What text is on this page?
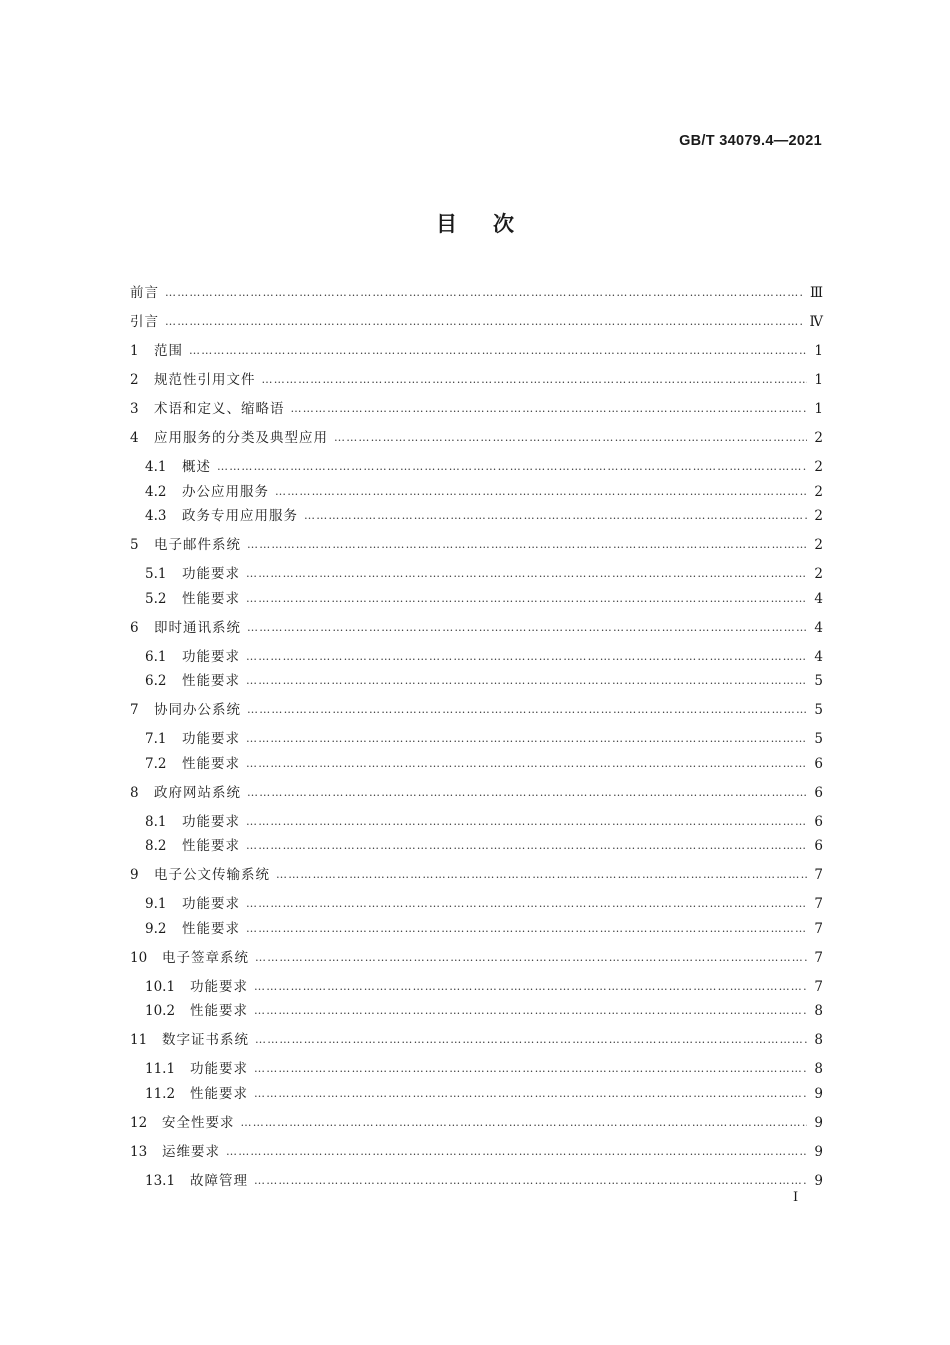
GB/T 34079.4—2021
目次
前言 …………………………………………………………………………………………………………………………………………………………………………………………………………	Ⅲ
引言 …………………………………………………………………………………………………………………………………………………………………………………………………………	Ⅳ
1	范围 …………………………………………………………………………………………………………………………………………………………………………………………………………	1
2	规范性引用文件 …………………………………………………………………………………………………………………………………………………………………………………………………………	1
3	术语和定义、缩略语 …………………………………………………………………………………………………………………………………………………………………………………………………………	1
4	应用服务的分类及典型应用 …………………………………………………………………………………………………………………………………………………………………………………………………………	2
4.1	概述 …………………………………………………………………………………………………………………………………………………………………………………………………………	2
4.2	办公应用服务 …………………………………………………………………………………………………………………………………………………………………………………………………………	2
4.3	政务专用应用服务 …………………………………………………………………………………………………………………………………………………………………………………………………………	2
5	电子邮件系统 …………………………………………………………………………………………………………………………………………………………………………………………………………	2
5.1	功能要求 …………………………………………………………………………………………………………………………………………………………………………………………………………	2
5.2	性能要求 …………………………………………………………………………………………………………………………………………………………………………………………………………	4
6	即时通讯系统 …………………………………………………………………………………………………………………………………………………………………………………………………………	4
6.1	功能要求 …………………………………………………………………………………………………………………………………………………………………………………………………………	4
6.2	性能要求 …………………………………………………………………………………………………………………………………………………………………………………………………………	5
7	协同办公系统 …………………………………………………………………………………………………………………………………………………………………………………………………………	5
7.1	功能要求 …………………………………………………………………………………………………………………………………………………………………………………………………………	5
7.2	性能要求 …………………………………………………………………………………………………………………………………………………………………………………………………………	6
8	政府网站系统 …………………………………………………………………………………………………………………………………………………………………………………………………………	6
8.1	功能要求 …………………………………………………………………………………………………………………………………………………………………………………………………………	6
8.2	性能要求 …………………………………………………………………………………………………………………………………………………………………………………………………………	6
9	电子公文传输系统 …………………………………………………………………………………………………………………………………………………………………………………………………………	7
9.1	功能要求 …………………………………………………………………………………………………………………………………………………………………………………………………………	7
9.2	性能要求 …………………………………………………………………………………………………………………………………………………………………………………………………………	7
10	电子签章系统 …………………………………………………………………………………………………………………………………………………………………………………………………………	7
10.1	功能要求 …………………………………………………………………………………………………………………………………………………………………………………………………………	7
10.2	性能要求 …………………………………………………………………………………………………………………………………………………………………………………………………………	8
11	数字证书系统 …………………………………………………………………………………………………………………………………………………………………………………………………………	8
11.1	功能要求 …………………………………………………………………………………………………………………………………………………………………………………………………………	8
11.2	性能要求 …………………………………………………………………………………………………………………………………………………………………………………………………………	9
12	安全性要求 …………………………………………………………………………………………………………………………………………………………………………………………………………	9
13	运维要求 …………………………………………………………………………………………………………………………………………………………………………………………………………	9
13.1	故障管理 …………………………………………………………………………………………………………………………………………………………………………………………………………	9
Ⅰ
